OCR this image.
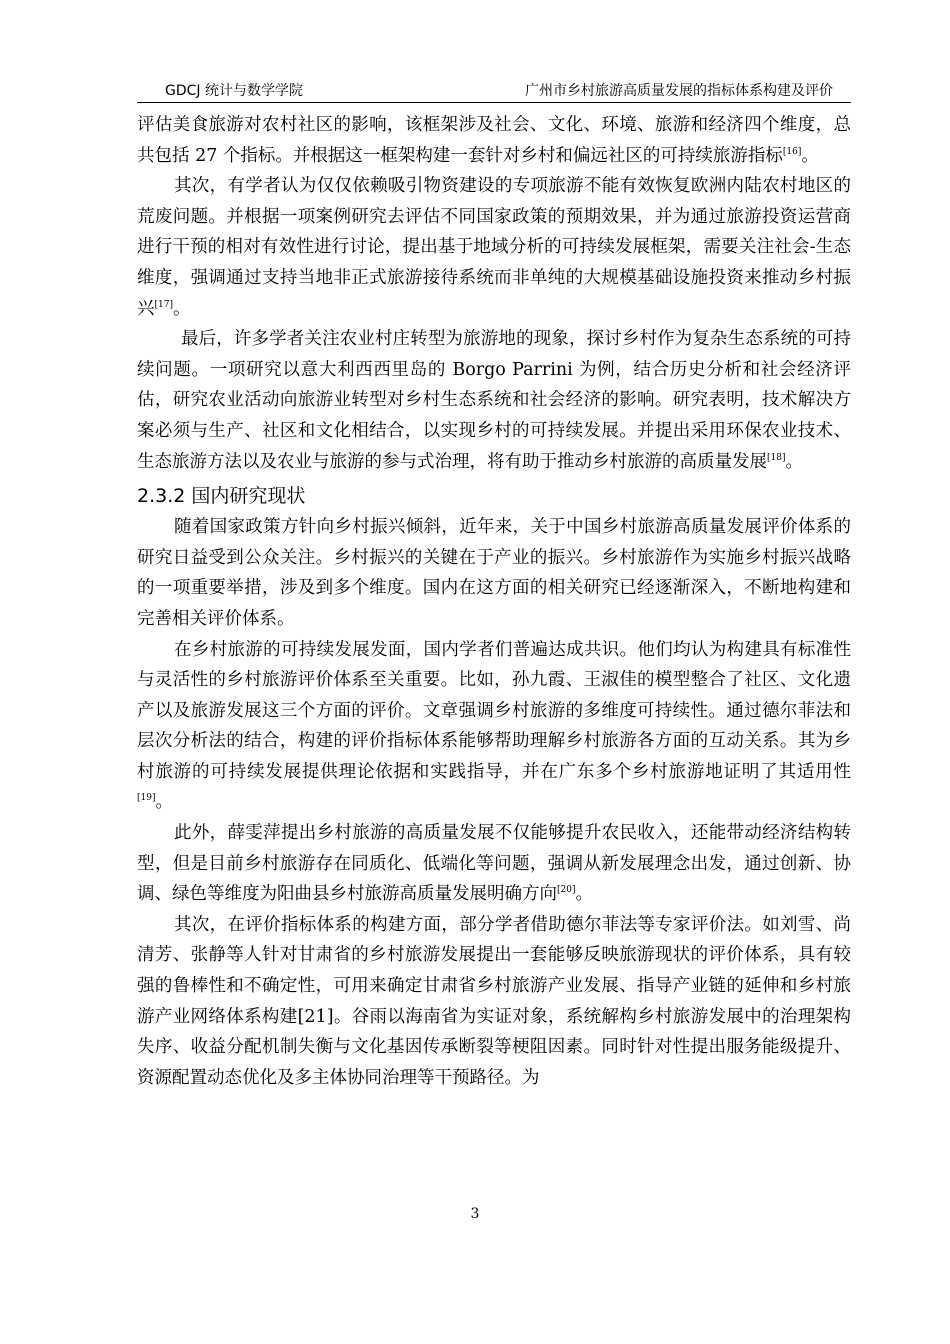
GDCJ 统计与数学学院	广州市乡村旅游高质量发展的指标体系构建及评价

评估美食旅游对农村社区的影响，该框架涉及社会、文化、环境、旅游和经济四个维度，总共包括 27 个指标。并根据这一框架构建一套针对乡村和偏远社区的可持续旅游指标[16]。

其次，有学者认为仅仅依赖吸引物资建设的专项旅游不能有效恢复欧洲内陆农村地区的荒废问题。并根据一项案例研究去评估不同国家政策的预期效果，并为通过旅游投资运营商进行干预的相对有效性进行讨论，提出基于地域分析的可持续发展框架，需要关注社会-生态维度，强调通过支持当地非正式旅游接待系统而非单纯的大规模基础设施投资来推动乡村振兴[17]。

最后，许多学者关注农业村庄转型为旅游地的现象，探讨乡村作为复杂生态系统的可持续问题。一项研究以意大利西西里岛的 Borgo Parrini 为例，结合历史分析和社会经济评估，研究农业活动向旅游业转型对乡村生态系统和社会经济的影响。研究表明，技术解决方案必须与生产、社区和文化相结合，以实现乡村的可持续发展。并提出采用环保农业技术、生态旅游方法以及农业与旅游的参与式治理，将有助于推动乡村旅游的高质量发展[18]。

2.3.2 国内研究现状

随着国家政策方针向乡村振兴倾斜，近年来，关于中国乡村旅游高质量发展评价体系的研究日益受到公众关注。乡村振兴的关键在于产业的振兴。乡村旅游作为实施乡村振兴战略的一项重要举措，涉及到多个维度。国内在这方面的相关研究已经逐渐深入，不断地构建和完善相关评价体系。

在乡村旅游的可持续发展发面，国内学者们普遍达成共识。他们均认为构建具有标准性与灵活性的乡村旅游评价体系至关重要。比如，孙九霞、王淑佳的模型整合了社区、文化遗产以及旅游发展这三个方面的评价。文章强调乡村旅游的多维度可持续性。通过德尔菲法和层次分析法的结合，构建的评价指标体系能够帮助理解乡村旅游各方面的互动关系。其为乡村旅游的可持续发展提供理论依据和实践指导，并在广东多个乡村旅游地证明了其适用性[19]。

此外，薛雯萍提出乡村旅游的高质量发展不仅能够提升农民收入，还能带动经济结构转型，但是目前乡村旅游存在同质化、低端化等问题，强调从新发展理念出发，通过创新、协调、绿色等维度为阳曲县乡村旅游高质量发展明确方向[20]。

其次，在评价指标体系的构建方面，部分学者借助德尔菲法等专家评价法。如刘雪、尚清芳、张静等人针对甘肃省的乡村旅游发展提出一套能够反映旅游现状的评价体系，具有较强的鲁棒性和不确定性，可用来确定甘肃省乡村旅游产业发展、指导产业链的延伸和乡村旅游产业网络体系构建[21]。谷雨以海南省为实证对象，系统解构乡村旅游发展中的治理架构失序、收益分配机制失衡与文化基因传承断裂等梗阻因素。同时针对性提出服务能级提升、资源配置动态优化及多主体协同治理等干预路径。为

3
